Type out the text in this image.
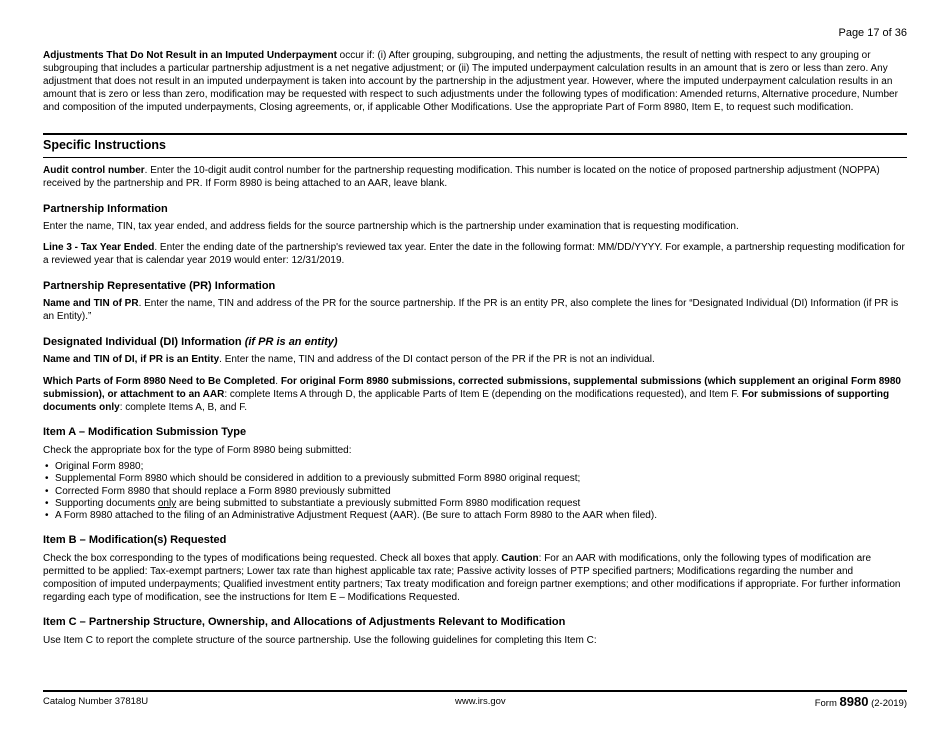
Page 17 of 36

Adjustments That Do Not Result in an Imputed Underpayment occur if: (i) After grouping, subgrouping, and netting the adjustments, the result of netting with respect to any grouping or subgrouping that includes a particular partnership adjustment is a net negative adjustment; or (ii) The imputed underpayment calculation results in an amount that is zero or less than zero. Any adjustment that does not result in an imputed underpayment is taken into account by the partnership in the adjustment year. However, where the imputed underpayment calculation results in an amount that is zero or less than zero, modification may be requested with respect to such adjustments under the following types of modification: Amended returns, Alternative procedure, Number and composition of the imputed underpayments, Closing agreements, or, if applicable Other Modifications. Use the appropriate Part of Form 8980, Item E, to request such modification.

Specific Instructions

Audit control number. Enter the 10-digit audit control number for the partnership requesting modification. This number is located on the notice of proposed partnership adjustment (NOPPA) received by the partnership and PR. If Form 8980 is being attached to an AAR, leave blank.

Partnership Information

Enter the name, TIN, tax year ended, and address fields for the source partnership which is the partnership under examination that is requesting modification.

Line 3 - Tax Year Ended. Enter the ending date of the partnership's reviewed tax year. Enter the date in the following format: MM/DD/YYYY. For example, a partnership requesting modification for a reviewed year that is calendar year 2019 would enter: 12/31/2019.

Partnership Representative (PR) Information

Name and TIN of PR. Enter the name, TIN and address of the PR for the source partnership. If the PR is an entity PR, also complete the lines for “Designated Individual (DI) Information (if PR is an Entity).”

Designated Individual (DI) Information (if PR is an entity)

Name and TIN of DI, if PR is an Entity. Enter the name, TIN and address of the DI contact person of the PR if the PR is not an individual.

Which Parts of Form 8980 Need to Be Completed. For original Form 8980 submissions, corrected submissions, supplemental submissions (which supplement an original Form 8980 submission), or attachment to an AAR: complete Items A through D, the applicable Parts of Item E (depending on the modifications requested), and Item F. For submissions of supporting documents only: complete Items A, B, and F.

Item A – Modification Submission Type

Check the appropriate box for the type of Form 8980 being submitted:

• Original Form 8980;
• Supplemental Form 8980 which should be considered in addition to a previously submitted Form 8980 original request;
• Corrected Form 8980 that should replace a Form 8980 previously submitted
• Supporting documents only are being submitted to substantiate a previously submitted Form 8980 modification request
• A Form 8980 attached to the filing of an Administrative Adjustment Request (AAR). (Be sure to attach Form 8980 to the AAR when filed).
Item B – Modification(s) Requested

Check the box corresponding to the types of modifications being requested. Check all boxes that apply. Caution: For an AAR with modifications, only the following types of modification are permitted to be applied: Tax-exempt partners; Lower tax rate than highest applicable tax rate; Passive activity losses of PTP specified partners; Modifications regarding the number and composition of imputed underpayments; Qualified investment entity partners; Tax treaty modification and foreign partner exemptions; and other modifications if appropriate. For further information regarding each type of modification, see the instructions for Item E – Modifications Requested.

Item C – Partnership Structure, Ownership, and Allocations of Adjustments Relevant to Modification

Use Item C to report the complete structure of the source partnership. Use the following guidelines for completing this Item C:

Catalog Number 37818U	www.irs.gov	Form 8980 (2-2019)
